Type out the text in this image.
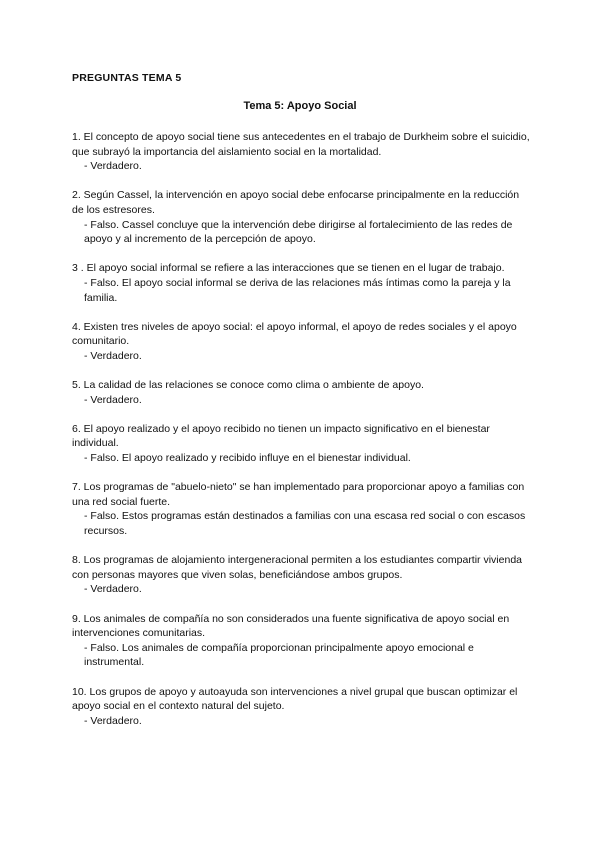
PREGUNTAS TEMA 5
Tema 5: Apoyo Social

1. El concepto de apoyo social tiene sus antecedentes en el trabajo de Durkheim sobre el suicidio, que subrayó la importancia del aislamiento social en la mortalidad.

- Verdadero.

2. Según Cassel, la intervención en apoyo social debe enfocarse principalmente en la reducción de los estresores.

- Falso. Cassel concluye que la intervención debe dirigirse al fortalecimiento de las redes de apoyo y al incremento de la percepción de apoyo.

3 . El apoyo social informal se refiere a las interacciones que se tienen en el lugar de trabajo.

- Falso. El apoyo social informal se deriva de las relaciones más íntimas como la pareja y la familia.

4. Existen tres niveles de apoyo social: el apoyo informal, el apoyo de redes sociales y el apoyo comunitario.

- Verdadero.

5. La calidad de las relaciones se conoce como clima o ambiente de apoyo.

- Verdadero.

6. El apoyo realizado y el apoyo recibido no tienen un impacto significativo en el bienestar individual.

- Falso. El apoyo realizado y recibido influye en el bienestar individual.

7. Los programas de "abuelo-nieto" se han implementado para proporcionar apoyo a familias con una red social fuerte.

- Falso. Estos programas están destinados a familias con una escasa red social o con escasos recursos.

8. Los programas de alojamiento intergeneracional permiten a los estudiantes compartir vivienda con personas mayores que viven solas, beneficiándose ambos grupos.

- Verdadero.

9. Los animales de compañía no son considerados una fuente significativa de apoyo social en intervenciones comunitarias.

- Falso. Los animales de compañía proporcionan principalmente apoyo emocional e instrumental.

10. Los grupos de apoyo y autoayuda son intervenciones a nivel grupal que buscan optimizar el apoyo social en el contexto natural del sujeto.

- Verdadero.
